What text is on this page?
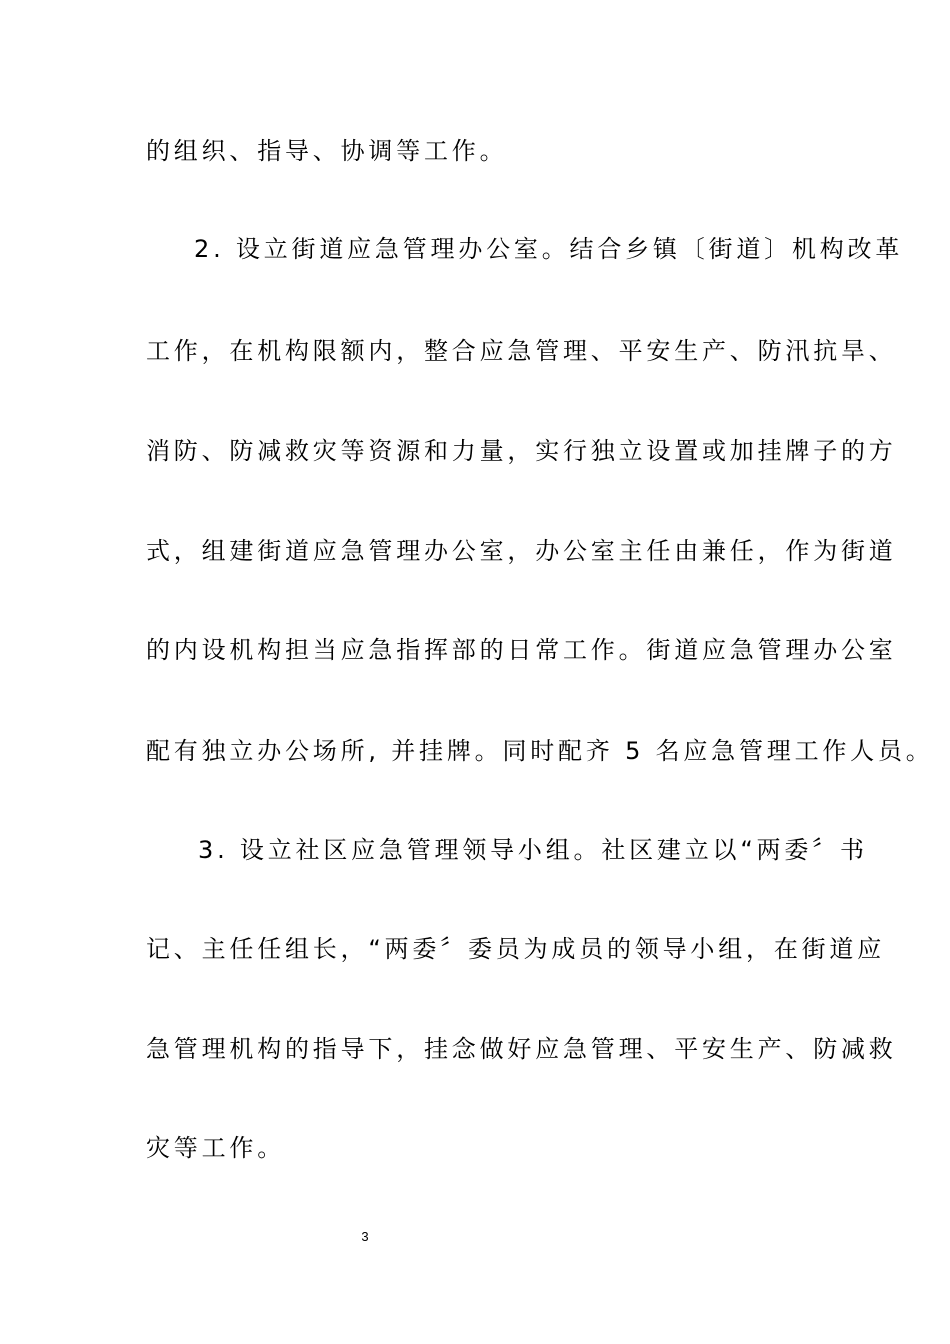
的组织、指导、协调等工作。
2. 设立街道应急管理办公室。结合乡镇〔街道〕机构改革
工作，在机构限额内，整合应急管理、平安生产、防汛抗旱、
消防、防减救灾等资源和力量，实行独立设置或加挂牌子的方
式，组建街道应急管理办公室，办公室主任由兼任，作为街道
的内设机构担当应急指挥部的日常工作。街道应急管理办公室
配有独立办公场所, 并挂牌。同时配齐 5 名应急管理工作人员。
3. 设立社区应急管理领导小组。社区建立以“两委〞书
记、主任任组长，“两委〞委员为成员的领导小组，在街道应
急管理机构的指导下，挂念做好应急管理、平安生产、防减救
灾等工作。
3
